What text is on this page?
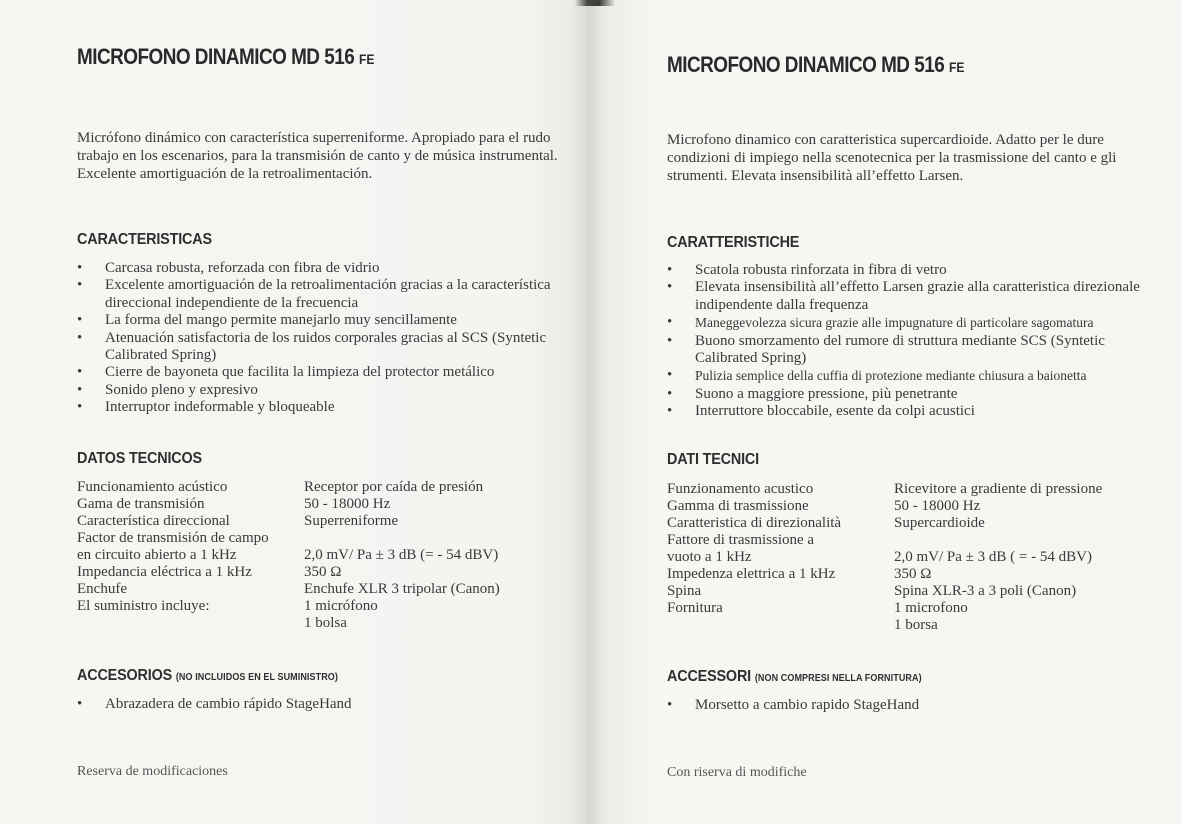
MICROFONO DINAMICO MD 516 FE

Micrófono dinámico con característica superreniforme. Apropiado para el rudo trabajo en los escenarios, para la transmisión de canto y de música instrumental. Excelente amortiguación de la retroalimentación.

CARACTERISTICAS
• Carcasa robusta, reforzada con fibra de vidrio
• Excelente amortiguación de la retroalimentación gracias a la característica direccional independiente de la frecuencia
• La forma del mango permite manejarlo muy sencillamente
• Atenuación satisfactoria de los ruidos corporales gracias al SCS (Syntetic Calibrated Spring)
• Cierre de bayoneta que facilita la limpieza del protector metálico
• Sonido pleno y expresivo
• Interruptor indeformable y bloqueable
DATOS TECNICOS
Funcionamiento acústico	Receptor por caída de presión
Gama de transmisión	50 - 18000 Hz
Característica direccional	Superreniforme
Factor de transmisión de campo
en circuito abierto a 1 kHz	2,0 mV/ Pa ± 3 dB (= - 54 dBV)
Impedancia eléctrica a 1 kHz	350 Ω
Enchufe	Enchufe XLR 3 tripolar (Canon)
El suministro incluye:	1 micrófono
1 bolsa
ACCESORIOS (NO INCLUIDOS EN EL SUMINISTRO)
• Abrazadera de cambio rápido StageHand

Reserva de modificaciones

MICROFONO DINAMICO MD 516 FE

Microfono dinamico con caratteristica supercardioide. Adatto per le dure condizioni di impiego nella scenotecnica per la trasmissione del canto e gli strumenti. Elevata insensibilità all’effetto Larsen.

CARATTERISTICHE
• Scatola robusta rinforzata in fibra di vetro
• Elevata insensibilità all’effetto Larsen grazie alla caratteristica direzionale indipendente dalla frequenza
• Maneggevolezza sicura grazie alle impugnature di particolare sagomatura
• Buono smorzamento del rumore di struttura mediante SCS (Syntetic Calibrated Spring)
• Pulizia semplice della cuffia di protezione mediante chiusura a baionetta
• Suono a maggiore pressione, più penetrante
• Interruttore bloccabile, esente da colpi acustici
DATI TECNICI
Funzionamento acustico	Ricevitore a gradiente di pressione
Gamma di trasmissione	50 - 18000 Hz
Caratteristica di direzionalità	Supercardioide
Fattore di trasmissione a
vuoto a 1 kHz	2,0 mV/ Pa ± 3 dB ( = - 54 dBV)
Impedenza elettrica a 1 kHz	350 Ω
Spina	Spina XLR-3 a 3 poli (Canon)
Fornitura	1 microfono
1 borsa
ACCESSORI (NON COMPRESI NELLA FORNITURA)
• Morsetto a cambio rapido StageHand

Con riserva di modifiche
